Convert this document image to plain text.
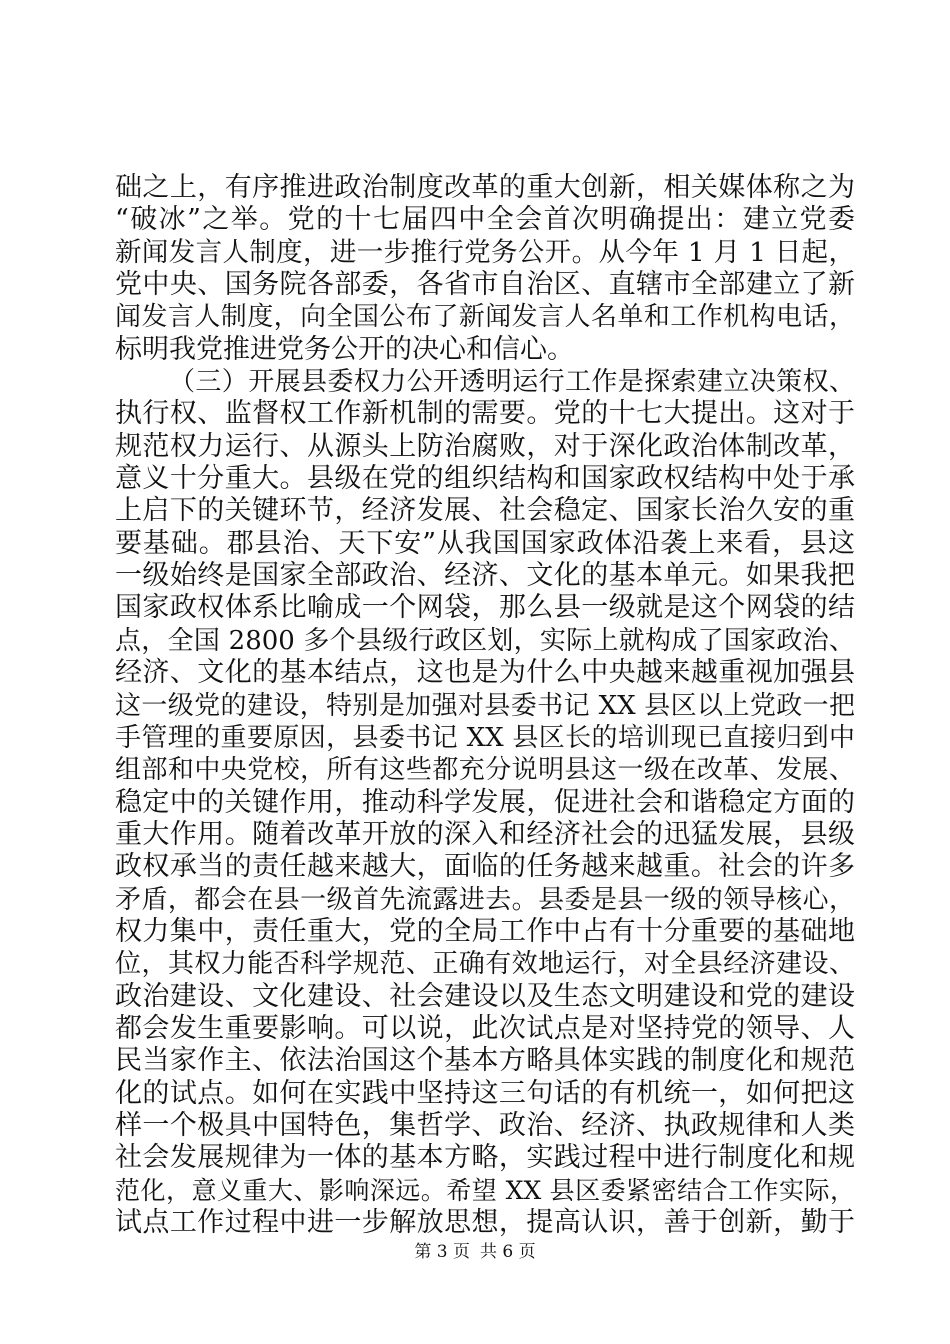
础之上，有序推进政治制度改革的重大创新，相关媒体称之为
“破冰”之举。党的十七届四中全会首次明确提出：建立党委
新闻发言人制度，进一步推行党务公开。从今年 1 月 1 日起，
党中央、国务院各部委，各省市自治区、直辖市全部建立了新
闻发言人制度，向全国公布了新闻发言人名单和工作机构电话，
标明我党推进党务公开的决心和信心。
（三）开展县委权力公开透明运行工作是探索建立决策权、
执行权、监督权工作新机制的需要。党的十七大提出。这对于
规范权力运行、从源头上防治腐败，对于深化政治体制改革，
意义十分重大。县级在党的组织结构和国家政权结构中处于承
上启下的关键环节，经济发展、社会稳定、国家长治久安的重
要基础。郡县治、天下安”从我国国家政体沿袭上来看，县这
一级始终是国家全部政治、经济、文化的基本单元。如果我把
国家政权体系比喻成一个网袋，那么县一级就是这个网袋的结
点，全国 2800 多个县级行政区划，实际上就构成了国家政治、
经济、文化的基本结点，这也是为什么中央越来越重视加强县
这一级党的建设，特别是加强对县委书记 XX 县区以上党政一把
手管理的重要原因，县委书记 XX 县区长的培训现已直接归到中
组部和中央党校，所有这些都充分说明县这一级在改革、发展、
稳定中的关键作用，推动科学发展，促进社会和谐稳定方面的
重大作用。随着改革开放的深入和经济社会的迅猛发展，县级
政权承当的责任越来越大，面临的任务越来越重。社会的许多
矛盾，都会在县一级首先流露进去。县委是县一级的领导核心，
权力集中，责任重大，党的全局工作中占有十分重要的基础地
位，其权力能否科学规范、正确有效地运行，对全县经济建设、
政治建设、文化建设、社会建设以及生态文明建设和党的建设
都会发生重要影响。可以说，此次试点是对坚持党的领导、人
民当家作主、依法治国这个基本方略具体实践的制度化和规范
化的试点。如何在实践中坚持这三句话的有机统一，如何把这
样一个极具中国特色，集哲学、政治、经济、执政规律和人类
社会发展规律为一体的基本方略，实践过程中进行制度化和规
范化，意义重大、影响深远。希望 XX 县区委紧密结合工作实际，
试点工作过程中进一步解放思想，提高认识，善于创新，勤于
第 3 页 共 6 页
